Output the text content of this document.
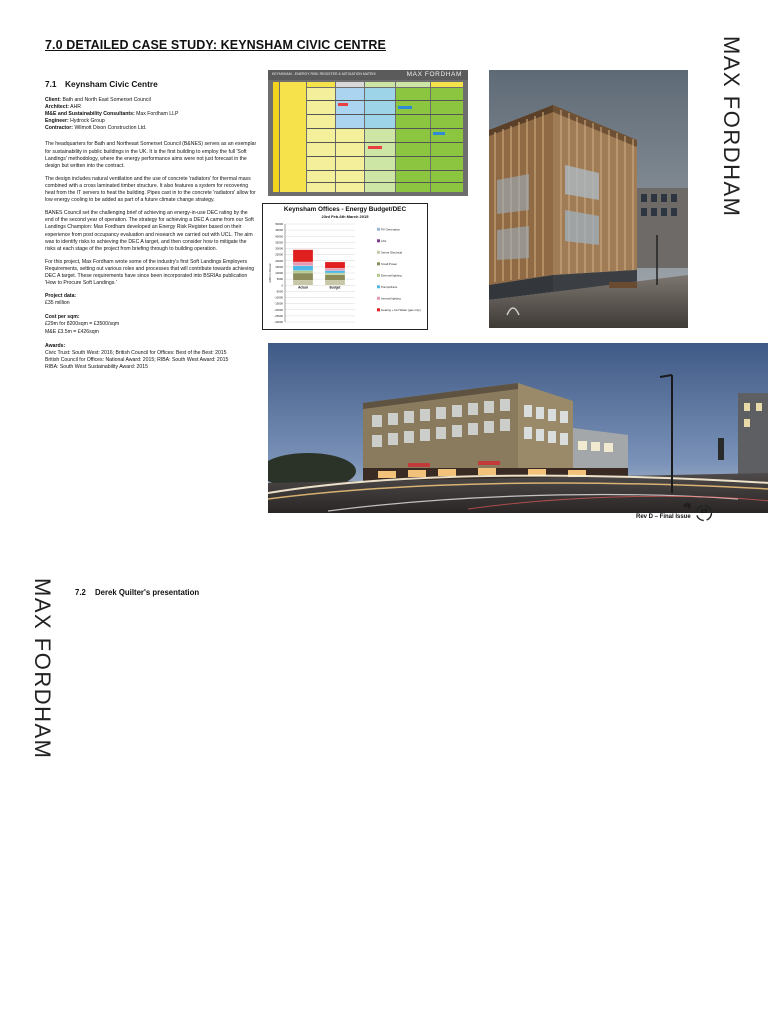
7.0 DETAILED CASE STUDY: KEYNSHAM CIVIC CENTRE	MAX FORDHAM
7.1 Keynsham Civic Centre
Client: Bath and North East Somerset Council
Architect: AHR
M&E and Sustainability Consultants: Max Fordham LLP
Engineer: Hydrock Group
Contractor: Wilmott Dixon Construction Ltd.

The headquarters for Bath and Northeast Somerset Council (B&NES) serves as an exemplar for sustainability in public buildings in the UK. It is the first building to employ the full 'Soft Landings' methodology, where the energy performance aims were not just forecast in the design but written into the contract.

The design includes natural ventilation and the use of concrete 'radiators' for thermal mass combined with a cross laminated timber structure. It also features a system for recovering heat from the IT servers to heat the building. Pipes cast in to the concrete 'radiators' allow for low energy cooling to be added as part of a future climate change strategy.

BANES Council set the challenging brief of achieving an energy-in-use DEC rating by the end of the second year of operation. The strategy for achieving a DEC A came from our Soft Landings Champion: Max Fordham developed an Energy Risk Register based on their experience from post occupancy evaluation and research we carried out with UCL. The aim was to identify risks to achieving the DEC A target, and then consider how to mitigate the risks at each stage of the project from briefing through to building operation.

For this project, Max Fordham wrote some of the industry's first Soft Landings Employers Requirements, setting out various roles and processes that will contribute towards achieving DEC A target. These requirements have since been incorporated into BSRIAs publication 'How to Procure Soft Landings.'

Project data:
£35 million
Cost per sqm:
£29m for 8200sqm = £3500/sqm
M&E £3.5m = £426sqm
Awards:
Civic Trust: South West: 2016; British Council for Offices: Best of the Best: 2015
British Council for Offices: National Award: 2015; RIBA: South West Award: 2015
RIBA: South West Sustainability Award: 2015
KEYNSHAM - ENERGY RISK REGISTER & MITIGATION MATRIX	MAX FORDHAM
Keynsham Offices - Energy Budget/DEC
23rd Feb-6th March 2015
50000
45000
40000
35000
30000
25000
20000
15000
10000
5000
0
-5000
-10000
-15000
-20000
-25000
-30000
kWh in Period
Actual	Budget
PV Generation
Lifts
Server Electrical
Small Power
External lighting
Pumps/Fans
Internal lighting
Heating + Hot Water (gas only)
dy
Rev D – Final Issue
13
MAX FORDHAM	7.2 Derek Quilter's presentation
